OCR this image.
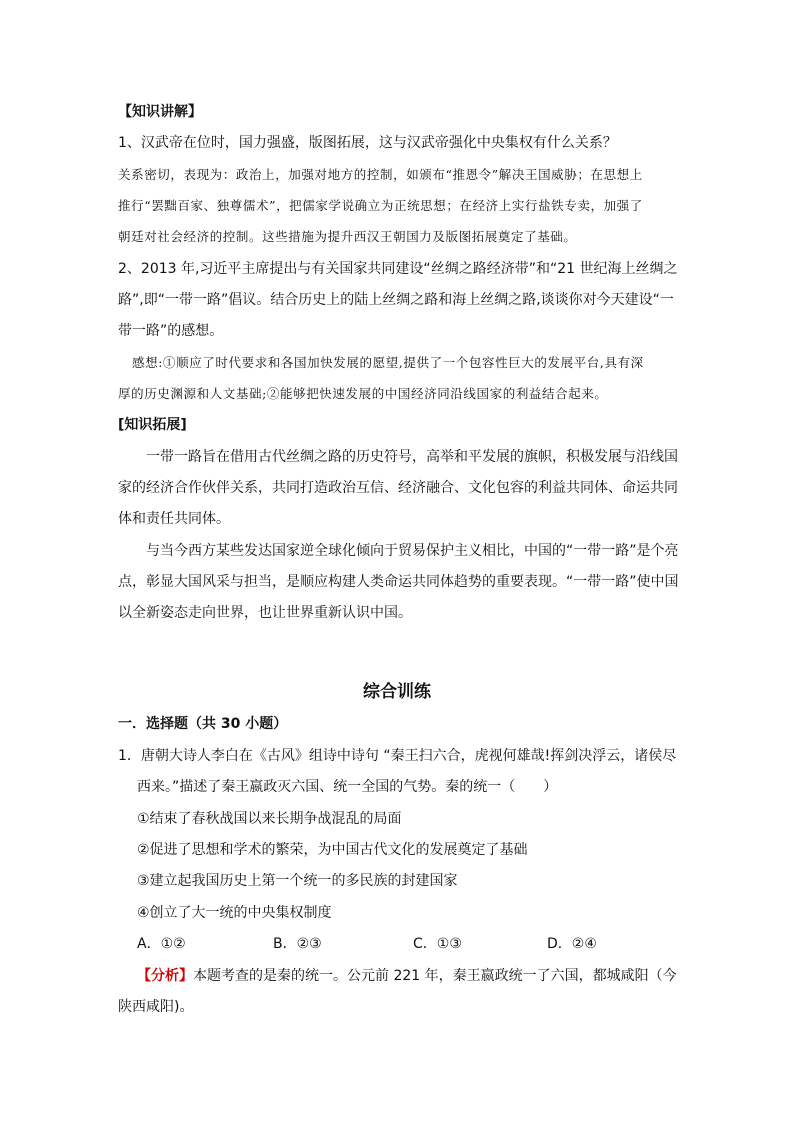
【知识讲解】
1、汉武帝在位时，国力强盛，版图拓展，这与汉武帝强化中央集权有什么关系？
关系密切，表现为：政治上，加强对地方的控制，如颁布“推恩令”解决王国威胁；在思想上
推行“罢黜百家、独尊儒术”，把儒家学说确立为正统思想；在经济上实行盐铁专卖，加强了
朝廷对社会经济的控制。这些措施为提升西汉王朝国力及版图拓展奠定了基础。
2、2013 年,习近平主席提出与有关国家共同建设“丝绸之路经济带”和“21 世纪海上丝绸之
路”,即“一带一路”倡议。结合历史上的陆上丝绸之路和海上丝绸之路,谈谈你对今天建设“一
带一路”的感想。
感想:①顺应了时代要求和各国加快发展的愿望,提供了一个包容性巨大的发展平台,具有深
厚的历史渊源和人文基础;②能够把快速发展的中国经济同沿线国家的利益结合起来。
[知识拓展]
一带一路旨在借用古代丝绸之路的历史符号，高举和平发展的旗帜，积极发展与沿线国
家的经济合作伙伴关系，共同打造政治互信、经济融合、文化包容的利益共同体、命运共同
体和责任共同体。
与当今西方某些发达国家逆全球化倾向于贸易保护主义相比，中国的“一带一路”是个亮
点，彰显大国风采与担当，是顺应构建人类命运共同体趋势的重要表现。“一带一路”使中国
以全新姿态走向世界，也让世界重新认识中国。
综合训练
一．选择题（共 30 小题）
1．唐朝大诗人李白在《古风》组诗中诗句 “秦王扫六合，虎视何雄哉!挥剑决浮云，诸侯尽
西来。”描述了秦王嬴政灭六国、统一全国的气势。秦的统一（　　）
①结束了春秋战国以来长期争战混乱的局面
②促进了思想和学术的繁荣，为中国古代文化的发展奠定了基础
③建立起我国历史上第一个统一的多民族的封建国家
④创立了大一统的中央集权制度
A．①②	B．②③	C．①③	D．②④
【分析】本题考查的是秦的统一。公元前 221 年，秦王嬴政统一了六国，都城咸阳（今
陕西咸阳)。
